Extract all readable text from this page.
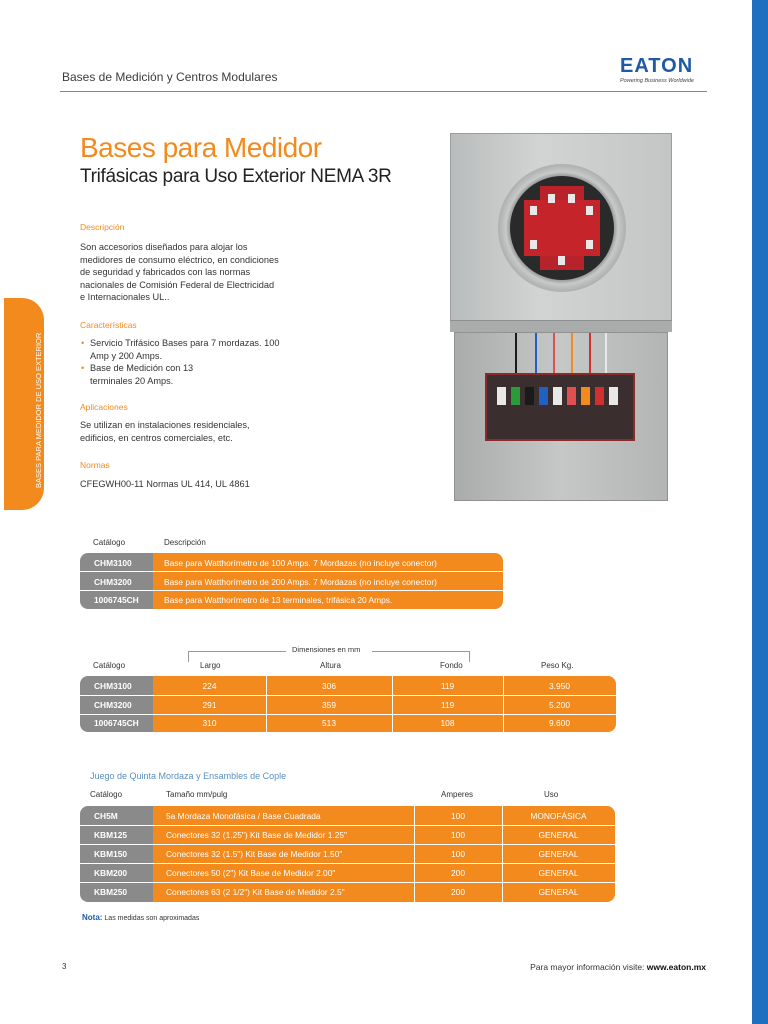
Bases de Medición y Centros Modulares	EATON
Powering Business Worldwide
BASES PARA MEDIDOR DE USO EXTERIOR
Bases para Medidor
Trifásicas para Uso Exterior NEMA 3R
Descripción
Son accesorios diseñados para alojar los medidores de consumo eléctrico, en condiciones de seguridad y fabricados con las normas nacionales de Comisión Federal de Electricidad e Internacionales UL..
Características
• Servicio Trifásico Bases para 7 mordazas. 100 Amp y 200 Amps.
• Base de Medición con 13 terminales 20 Amps.
Aplicaciones
Se utilizan en instalaciones residenciales, edificios, en centros comerciales, etc.
Normas
CFEGWH00-11 Normas UL 414, UL 4861
Catálogo	Descripción
CHM3100	Base para Watthorímetro de 100 Amps. 7 Mordazas (no incluye conector)
CHM3200	Base para Watthorímetro de 200 Amps. 7 Mordazas (no incluye conector)
1006745CH	Base para Watthorímetro de 13 terminales, trifásica 20 Amps.
Dimensiones en mm
Catálogo	Largo	Altura	Fondo	Peso Kg.
CHM3100	224	306	119	3.950
CHM3200	291	359	119	5.200
1006745CH	310	513	108	9.600
Juego de Quinta Mordaza y Ensambles de Cople
Catálogo	Tamaño mm/pulg	Amperes	Uso
CH5M	5a Mordaza Monofásica / Base Cuadrada	100	MONOFÁSICA
KBM125	Conectores 32 (1.25") Kit Base de Medidor 1.25"	100	GENERAL
KBM150	Conectores 32 (1.5") Kit Base de Medidor 1.50"	100	GENERAL
KBM200	Conectores 50 (2") Kit Base de Medidor 2.00"	200	GENERAL
KBM250	Conectores 63 (2 1/2") Kit Base de Medidor 2.5"	200	GENERAL
Nota: Las medidas son aproximadas
3	Para mayor información visite: www.eaton.mx
